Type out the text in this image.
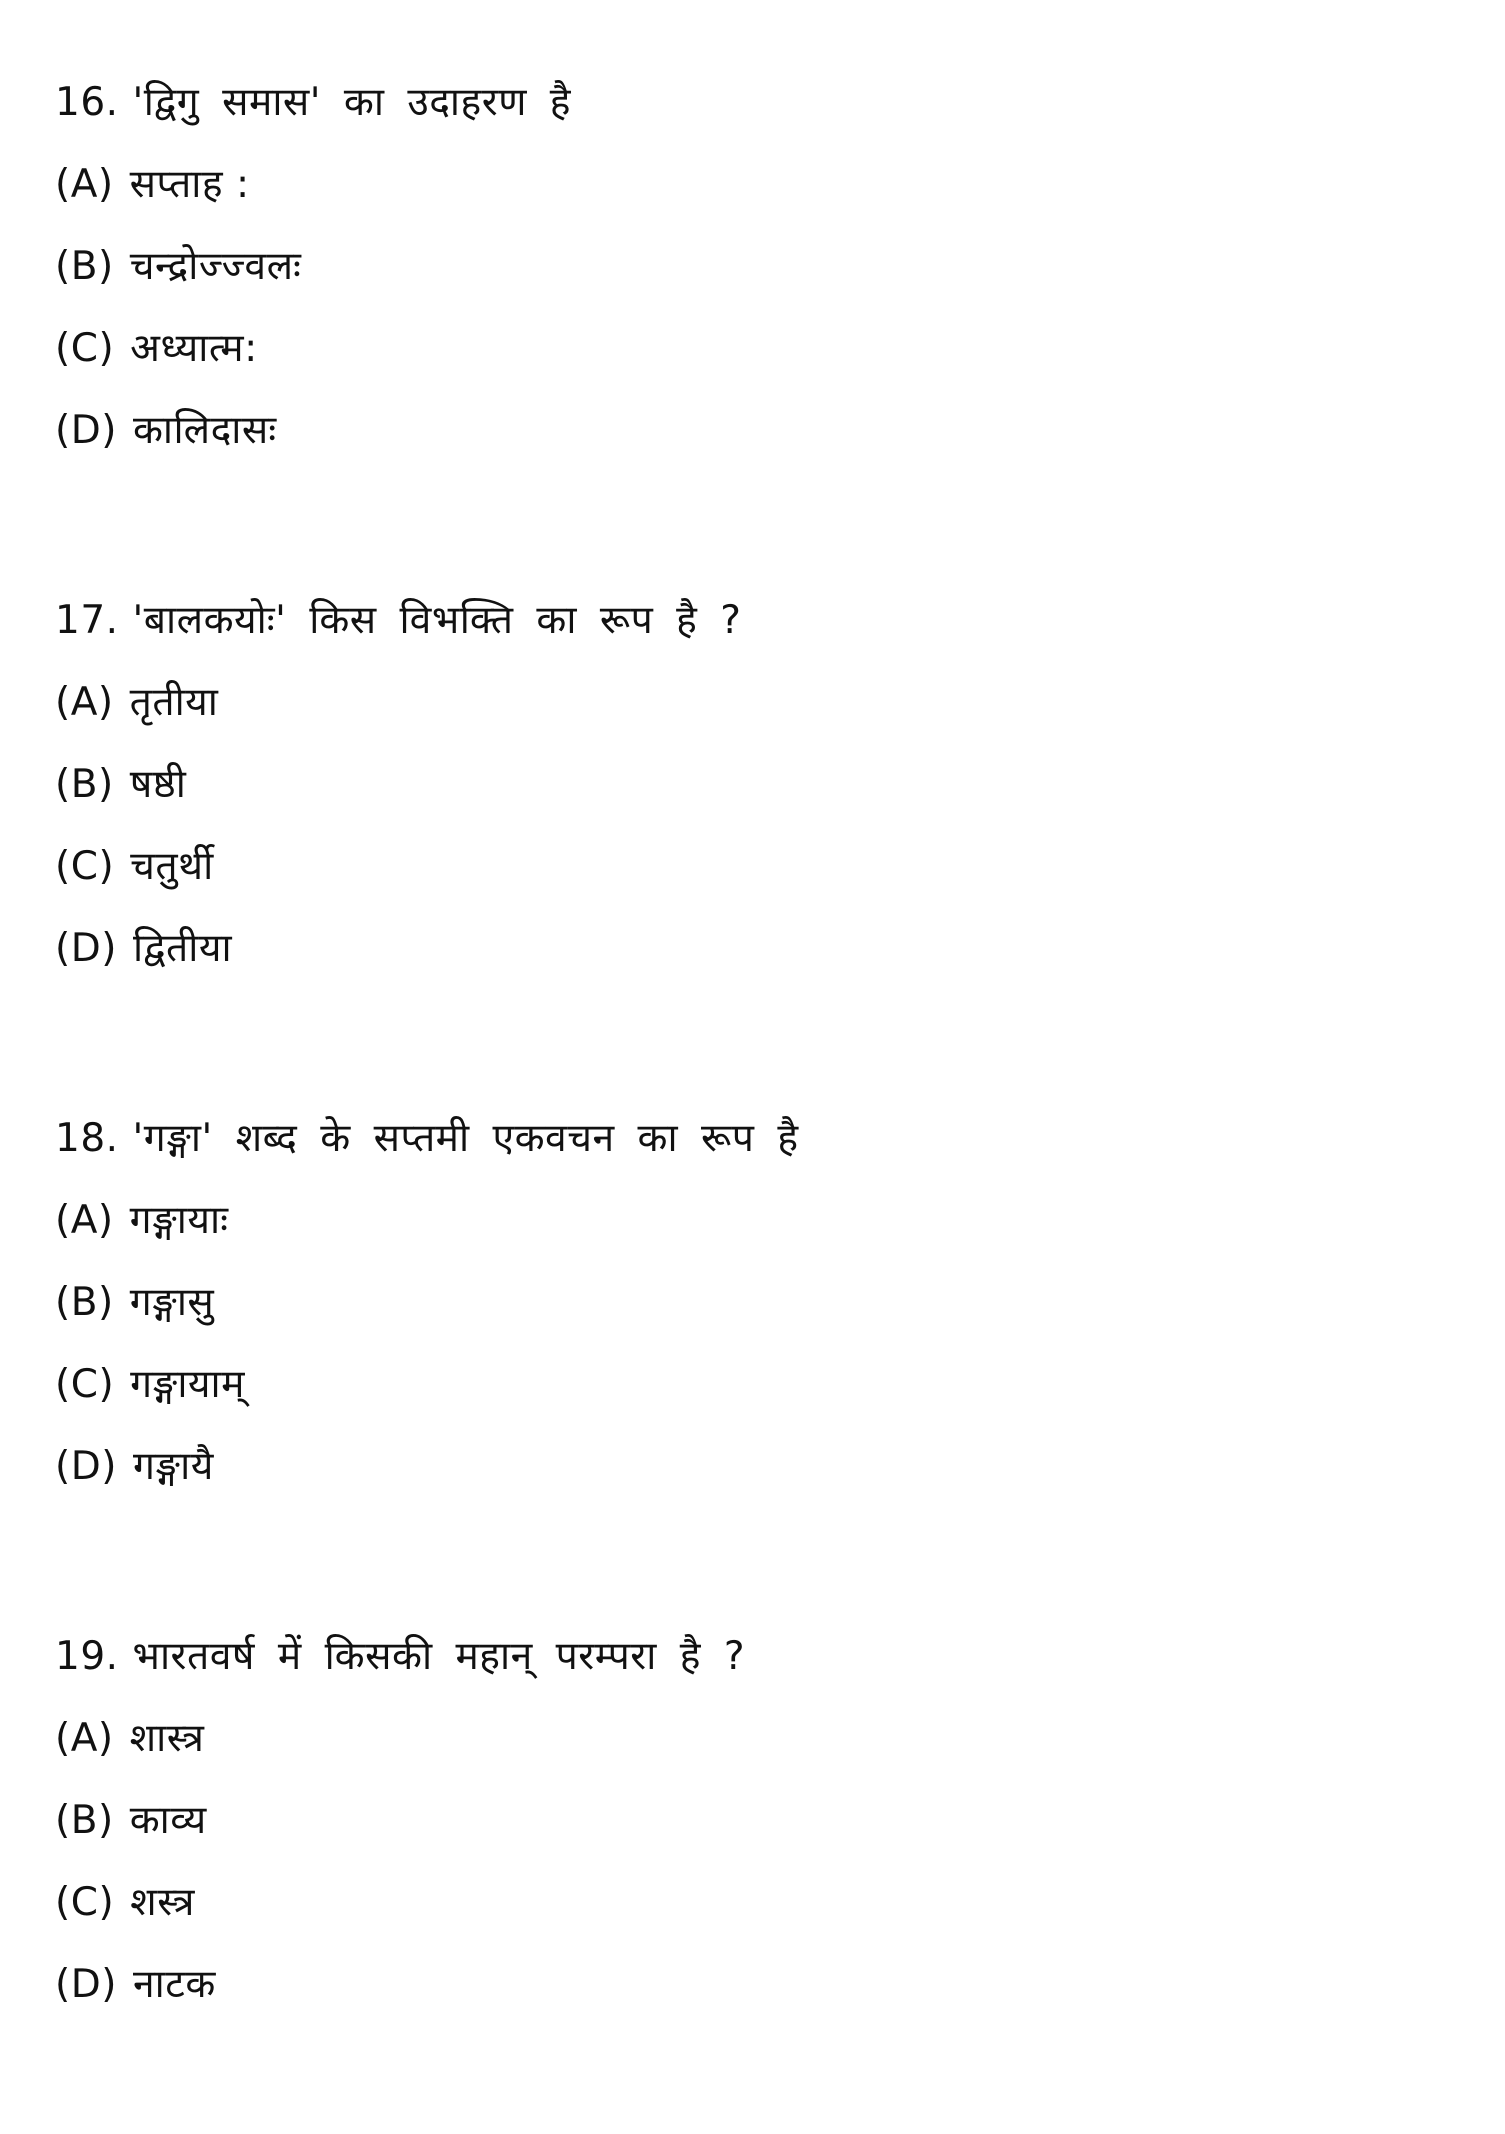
16. 'द्विगु समास' का उदाहरण है
(A) सप्ताह :
(B) चन्द्रोज्ज्वलः
(C) अध्यात्म:
(D) कालिदासः
17. 'बालकयोः' किस विभक्ति का रूप है ?
(A) तृतीया
(B) षष्ठी
(C) चतुर्थी
(D) द्वितीया
18. 'गङ्गा' शब्द के सप्तमी एकवचन का रूप है
(A) गङ्गायाः
(B) गङ्गासु
(C) गङ्गायाम्
(D) गङ्गायै
19. भारतवर्ष में किसकी महान् परम्परा है ?
(A) शास्त्र
(B) काव्य
(C) शस्त्र
(D) नाटक
